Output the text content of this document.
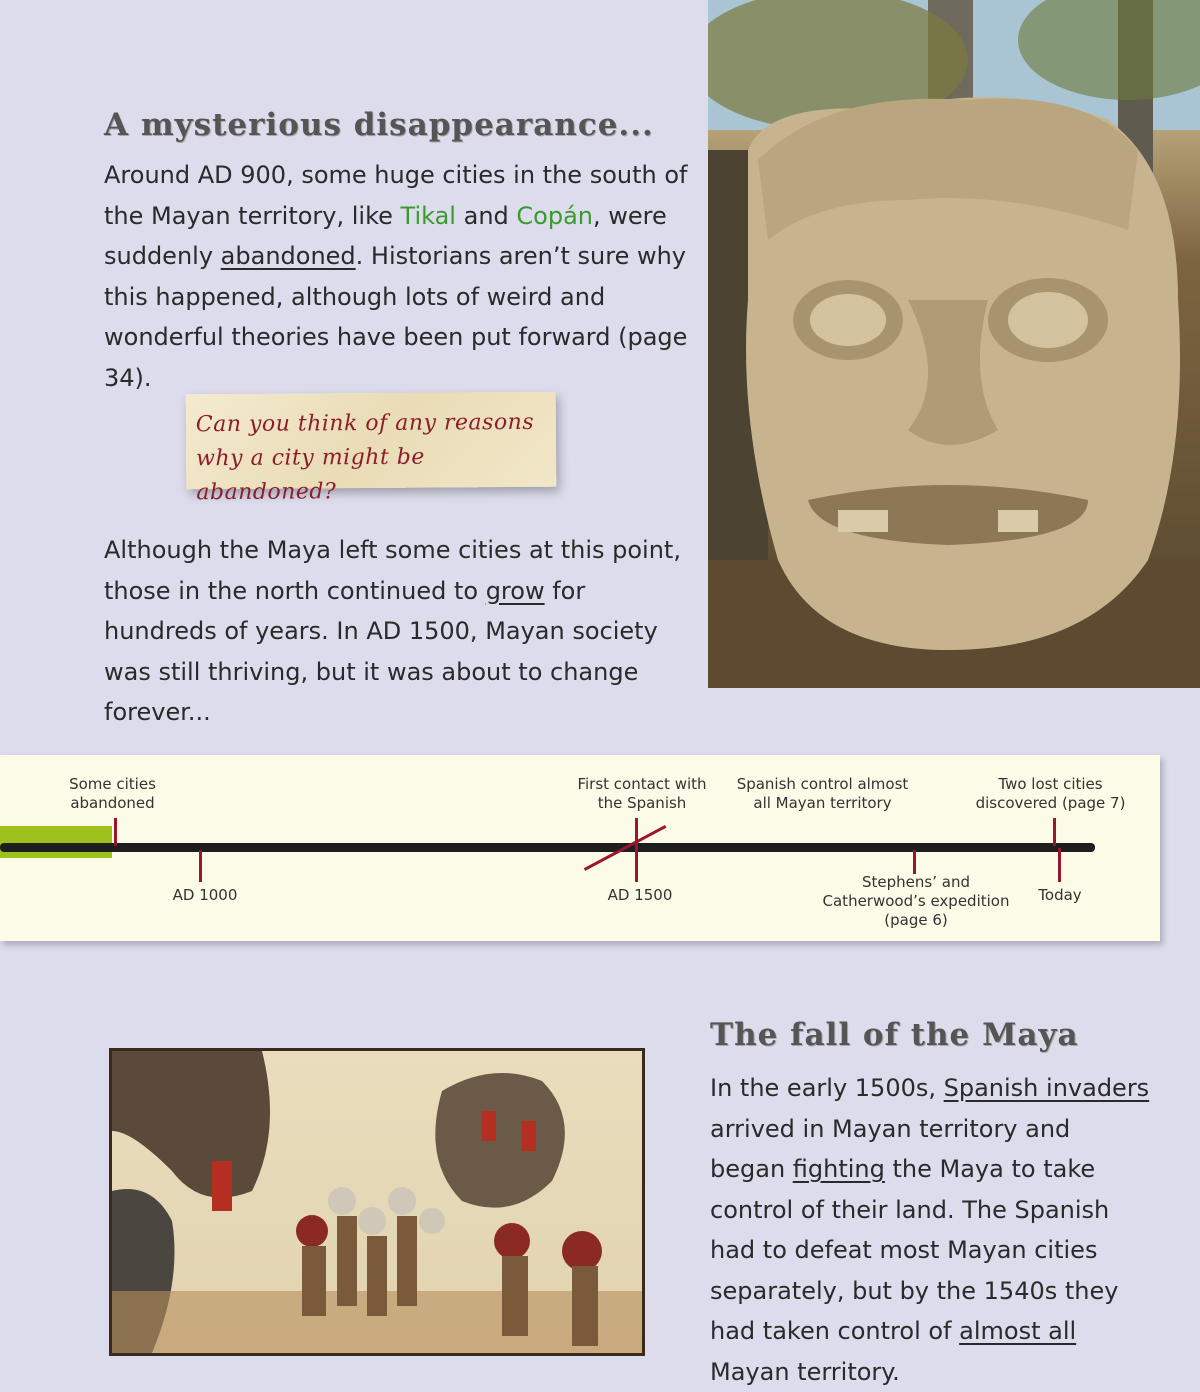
A mysterious disappearance...

Around AD 900, some huge cities in the south of the Mayan territory, like Tikal and Copán, were suddenly abandoned. Historians aren’t sure why this happened, although lots of weird and wonderful theories have been put forward (page 34).

Can you think of any reasons why a city might be abandoned?

Although the Maya left some cities at this point, those in the north continued to grow for hundreds of years. In AD 1500, Mayan society was still thriving, but it was about to change forever...

Some cities
abandoned
AD 1000
First contact with
the Spanish
AD 1500
Spanish control almost
all Mayan territory
Stephens’ and
Catherwood’s expedition
(page 6)
Two lost cities
discovered (page 7)
Today
The fall of the Maya

In the early 1500s, Spanish invaders arrived in Mayan territory and began fighting the Maya to take control of their land. The Spanish had to defeat most Mayan cities separately, but by the 1540s they had taken control of almost all Mayan territory.
